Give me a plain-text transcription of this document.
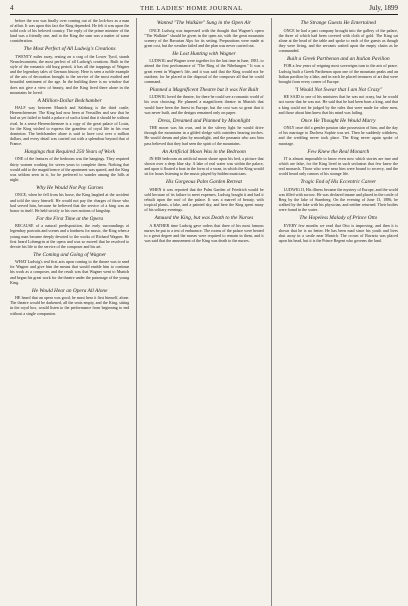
4	THE LADIES' HOME JOURNAL	July, 1899

before the war was finally over coming out of the lock-box as a man of affair. It was upon this fact the King depended. He felt it was upon the solid rock of his beloved country. The reply of the prime minister of the land was a friendly one, and to the King the sum was a matter of some consideration.

The Most Perfect of All Ludwig's Creations

TWENTY miles away, resting on a crag of the Lower Tyrol, stands Neuschwanstein, the most perfect of all Ludwig's creations. Built in the style of the romantic old burg period, it has all the trappings of Wagner and the legendary tales of German history. Here is seen a noble example of the arts of decoration brought to the service of the most exalted and beautiful sentiment of the age. In the building there is no window that does not give a view of beauty, and the King lived there alone in the mountains he loved.

A Million-Dollar Bedchamber

HALF way between Munich and Salzburg is the third castle, Herrenchiemsee. The King had now been at Versailles and saw that he had as yet failed to build a palace of such a kind that it should be without rival. In a sense Herrenchiemsee is a copy of the great palace of Louis, for the King wished to express the grandeur of royal life in his own dominion. The bedchamber alone is said to have cost over a million dollars, and every detail was carried out with a splendour beyond that of France.

Hangings that Required 250 Years of Work

ONE of the features of the bedroom was the hangings. They required thirty women working for seven years to complete them. Nothing that would add to the magnificence of the apartment was spared, and the King was seldom seen in it, for he preferred to wander among the hills at night.

Why He Would Not Pay Garnes

ONCE, when he fell from his horse, the King laughed at the accident and told the story himself. He would not pay the charges of those who had served him, because he believed that the service of a king was an honor in itself. He held strictly to his own notions of kingship.

For the First Time at the Opera

BECAUSE of a natural predisposition, the early surroundings of legendary portraits and scenes and a fondness for music, the King when a young man became deeply devoted to the works of Richard Wagner. He first heard Lohengrin at the opera and was so moved that he resolved to devote his life to the service of the composer and his art.

The Coming and Going of Wagner

WHAT Ludwig's real first acts upon coming to the throne was to send for Wagner and give him the means that would enable him to continue his work as a composer, and the result was that Wagner went to Munich and began his great work for the theatre under the patronage of the young King.

He Would Hear an Opera All Alone

HE heard that an opera was good, he must hear it first himself, alone. The theatre would be darkened, all the seats empty, and the King, sitting in the royal box, would listen to the performance from beginning to end without a single companion.

Wanted "The Walküre" Sung in the Open Air

ONCE Ludwig was impressed with the thought that Wagner's opera "The Walküre" should be given in the open air, with the great mountain scenery of the Bavarian Alps for its setting. Preparations were made at great cost, but the weather failed and the plan was never carried out.

He Lost Hunting with Wagner

LUDWIG and Wagner were together for the last time in June, 1881, to attend the first performance of "The Ring of the Nibelungen." It was a great event in Wagner's life, and it was said that the King would not be outdone, for he placed at the disposal of the composer all that he could command.

Planned a Magnificent Theatre but it was Not Built

LUDWIG loved the theatre, for there he could see a romantic world of his own choosing. He planned a magnificent theatre in Munich that would have been the finest in Europe, but the cost was so great that it was never built, and the designs remained only on paper.

Dress, Dreamed and Planned by Moonlight

THE moon was his own, and in the silvery light he would drive through the mountains in a gilded sledge with outriders bearing torches. He would dream and plan by moonlight, and the peasants who saw him pass believed that they had seen the spirit of the mountains.

An Artificial Moon Was in the Bedroom

IN HIS bedroom an artificial moon shone upon his bed, a picture that shown over a deep blue sky. A lake of real water was within the palace, and upon it floated a boat in the form of a swan, in which the King would sit for hours listening to the music played by hidden musicians.

His Gorgeous Palm Garden Retreat

WHEN it was reported that the Palm Garden of Friedrich would be sold because of its failure to meet expenses, Ludwig bought it and had it rebuilt upon the roof of the palace. It was a marvel of beauty, with tropical plants, a lake, and a painted sky, and here the King spent many of his solitary evenings.

Amused the King, but was Death to the Nurses

A RATHER time Ludwig gave orders that three of his most famous nurses be put to a test of endurance. The rooms of the palace were heated to a great degree and the nurses were required to remain in them, and it was said that the amusement of the King was death to the nurses.

The Strange Guests He Entertained

ONCE he had a part company brought into the gallery of the palace, the three of which had been covered with cloth of gold. The King sat alone at the head of the table and spoke to each of the guests as though they were living, and the servants waited upon the empty chairs as he commanded.

Built a Greek Parthenon and an Italian Pavilion

FOR a few years of reigning most sovereigns turn to the arts of peace. Ludwig built a Greek Parthenon upon one of the mountain peaks and an Italian pavilion by a lake, and in each he placed treasures of art that were brought from every corner of Europe.

"I Would Not Swear that I am Not Crazy"

HE SAID to one of his ministers that he was not crazy, but he would not swear that he was not. He said that he had been born a king, and that a king could not be judged by the rules that were made for other men, and those about him knew that his mind was failing.

Once He Thought He Would Marry

ONLY once did a gentler passion take possession of him, and the day of his marriage to Duchess Sophie was set. Then he suddenly withdrew, and the wedding never took place. The King never again spoke of marriage.

Few Knew the Real Monarch

IT is almost impossible to know even now which stories are true and which are false, for the King lived in such seclusion that few knew the real monarch. Those who were near him were bound to secrecy, and the world heard only rumors of his strange life.

Tragic End of His Eccentric Career

LUDWIG II, His illness became the mystery of Europe, and the world was filled with sorrow. He was declared insane and placed in the castle of Berg by the lake of Starnberg. On the evening of June 13, 1886, he walked by the lake with his physician, and neither returned. Their bodies were found in the water.

The Hopeless Malady of Prince Otto

EVERY few months we read that Otto is improving, and then it is shown that he is no better. He has been mad since his youth and lives shut away in a castle near Munich. The crown of Bavaria was placed upon his head, but it is the Prince Regent who governs the land.
